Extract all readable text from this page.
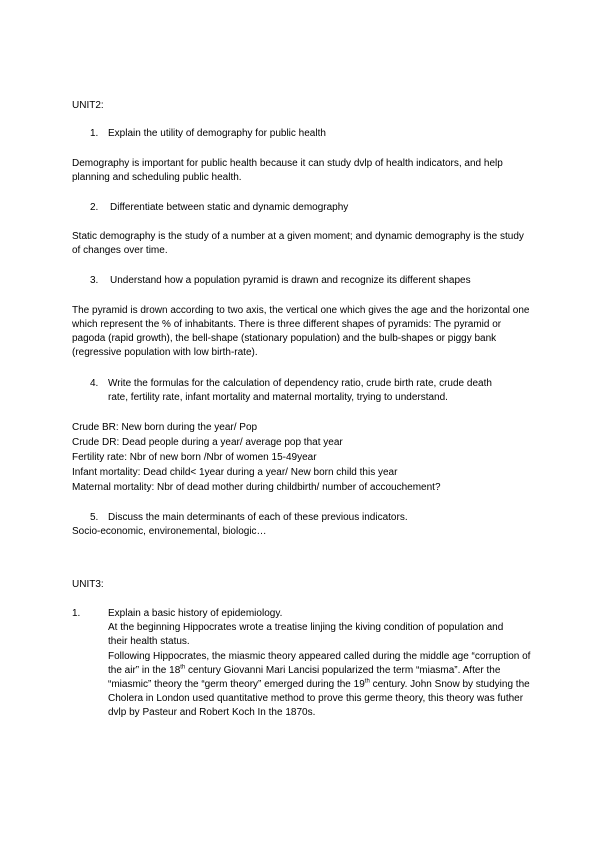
UNIT2:
1. Explain the utility of demography for public health
Demography is important for public health because it can study dvlp of health indicators, and help planning and scheduling public health.
2. Differentiate between static and dynamic demography
Static demography is the study of a number at a given moment; and dynamic demography is the study of changes over time.
3. Understand how a population pyramid is drawn and recognize its different shapes
The pyramid is drown according to two axis, the vertical one which gives the age and the horizontal one which represent the % of inhabitants. There is three different shapes of pyramids: The pyramid or pagoda (rapid growth), the bell-shape (stationary population) and the bulb-shapes or piggy bank (regressive population with low birth-rate).
4. Write the formulas for the calculation of dependency ratio, crude birth rate, crude death rate, fertility rate, infant mortality and maternal mortality, trying to understand.
Crude BR: New born during the year/ Pop
Crude DR: Dead people during a year/ average pop that year
Fertility rate: Nbr of new born /Nbr of women 15-49year
Infant mortality: Dead child< 1year during a year/ New born child this year
Maternal mortality: Nbr of dead mother during childbirth/ number of accouchement?
5. Discuss the main determinants of each of these previous indicators.
Socio-economic, environemental, biologic…
UNIT3:
1.	Explain a basic history of epidemiology.
At the beginning Hippocrates wrote a treatise linjing the kiving condition of population and their health status.
Following Hippocrates, the miasmic theory appeared called during the middle age “corruption of the air” in the 18th century Giovanni Mari Lancisi popularized the term “miasma”. After the “miasmic” theory the “germ theory” emerged during the 19th century. John Snow by studying the Cholera in London used quantitative method to prove this germe theory, this theory was futher dvlp by Pasteur and Robert Koch In the 1870s.
